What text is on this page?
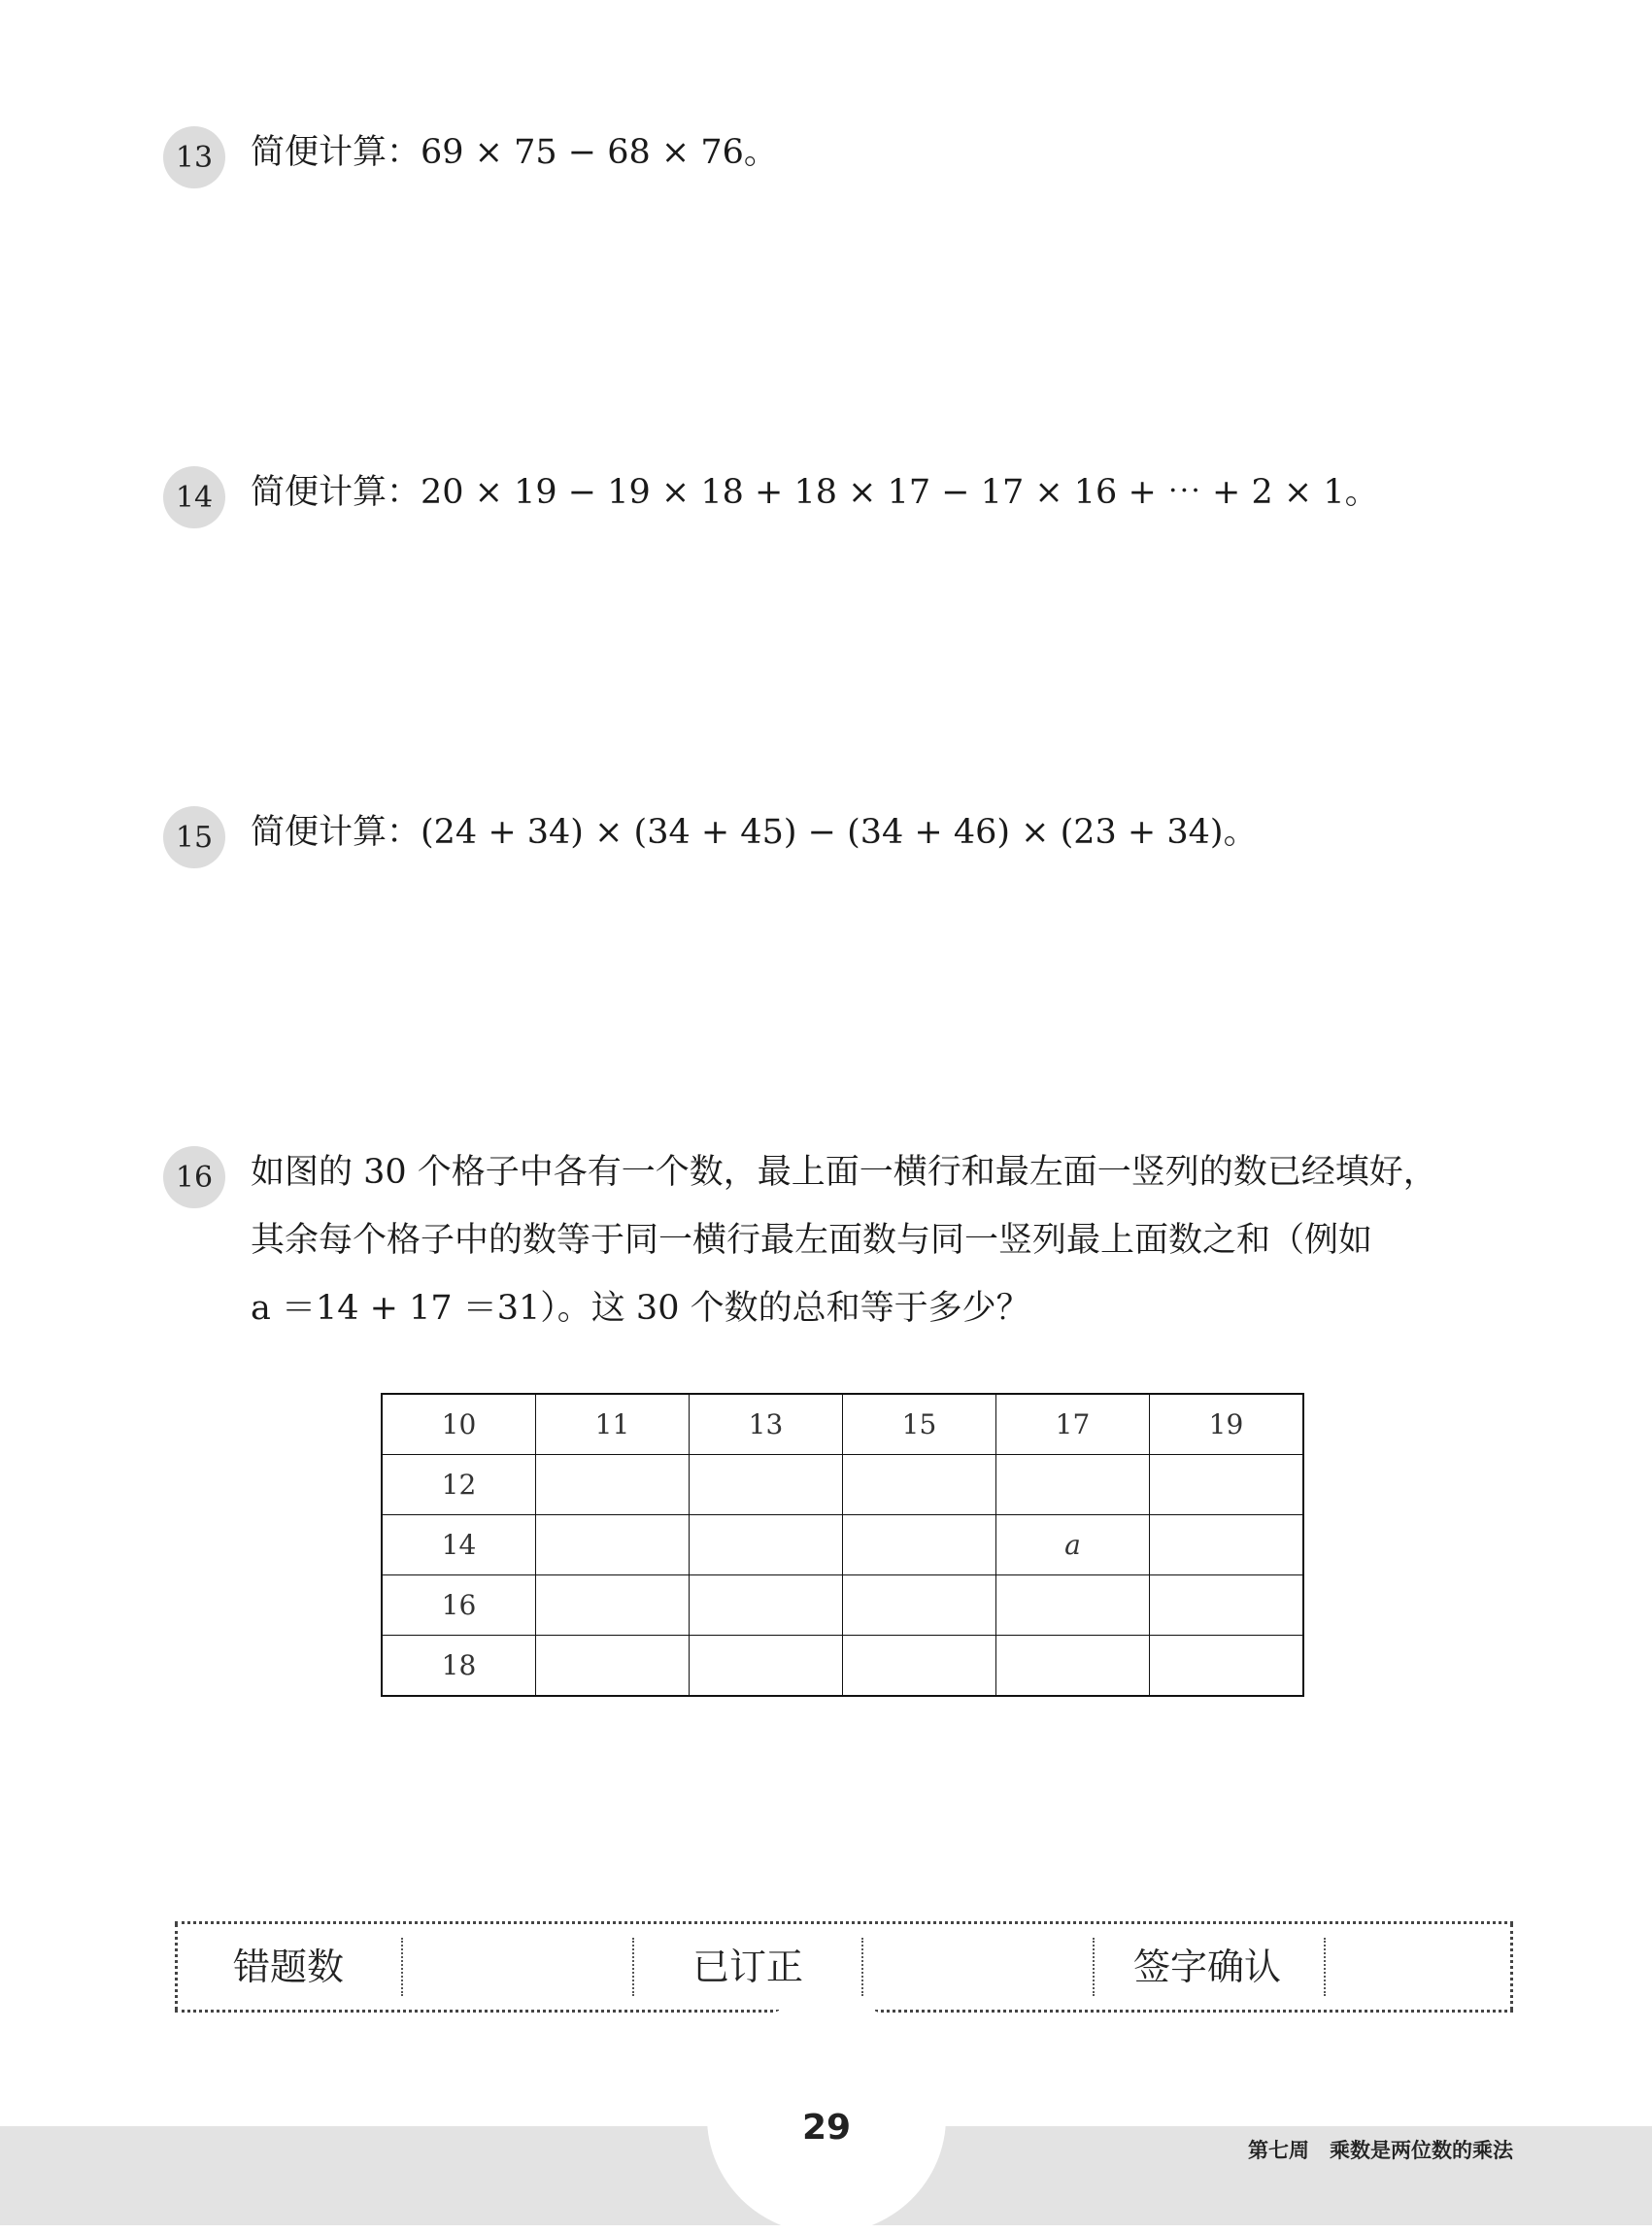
13	简便计算：69 × 75 − 68 × 76。
14	简便计算：20 × 19 − 19 × 18 + 18 × 17 − 17 × 16 + ⋯ + 2 × 1。
15	简便计算：(24 + 34) × (34 + 45) − (34 + 46) × (23 + 34)。
16	如图的 30 个格子中各有一个数，最上面一横行和最左面一竖列的数已经填好，
其余每个格子中的数等于同一横行最左面数与同一竖列最上面数之和（例如
a ＝14 + 17 ＝31）。这 30 个数的总和等于多少？
10	11	13	15	17	19
12					
14				a	
16					
18					
错题数	已订正	签字确认
29
第七周　乘数是两位数的乘法
